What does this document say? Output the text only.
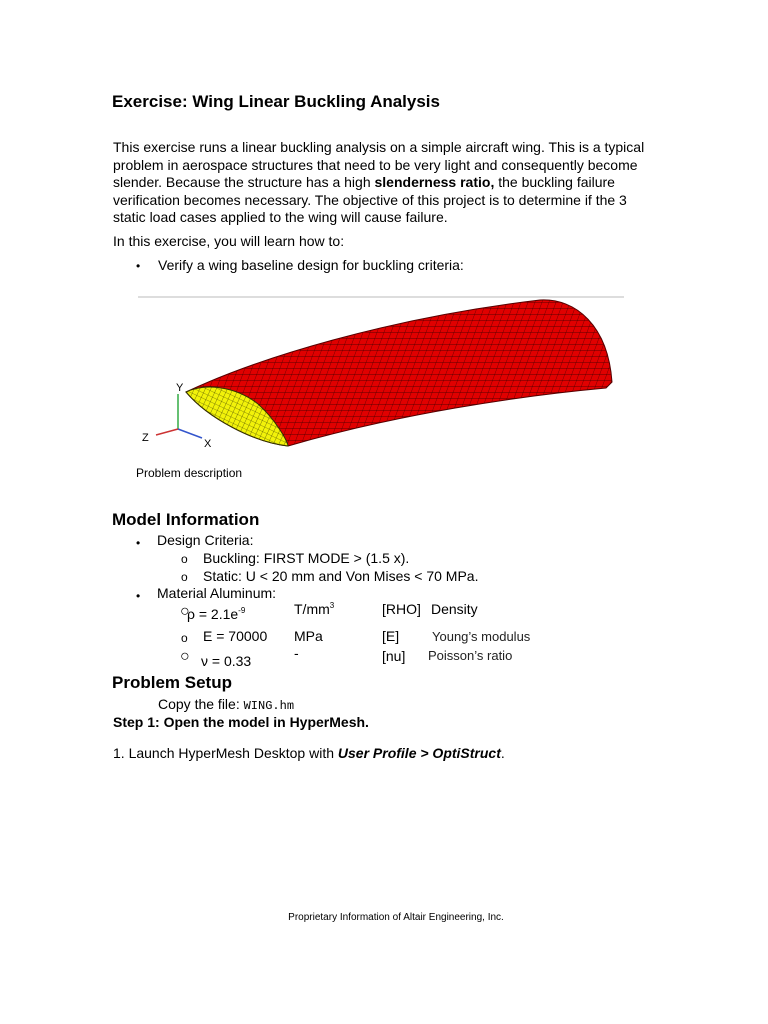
Exercise: Wing Linear Buckling Analysis
This exercise runs a linear buckling analysis on a simple aircraft wing. This is a typical problem in aerospace structures that need to be very light and consequently become slender. Because the structure has a high slenderness ratio, the buckling failure verification becomes necessary. The objective of this project is to determine if the 3 static load cases applied to the wing will cause failure.
In this exercise, you will learn how to:
• Verify a wing baseline design for buckling criteria:
Y
Z	X
Problem description
Model Information
• Design Criteria:
o Buckling: FIRST MODE > (1.5 x).
o Static: U < 20 mm and Von Mises < 70 MPa.
• Material Aluminum:
○
$\rho = 2.1e^{-9}$	$T/mm^3$	[RHO] Density
o E = 70000 MPa	[E]	Young’s modulus
○ ν = 0.33	-	[nu] Poisson’s ratio
Problem Setup
Copy the file: WING.hm
Step 1: Open the model in HyperMesh.
1. Launch HyperMesh Desktop with User Profile > OptiStruct.
Proprietary Information of Altair Engineering, Inc.
